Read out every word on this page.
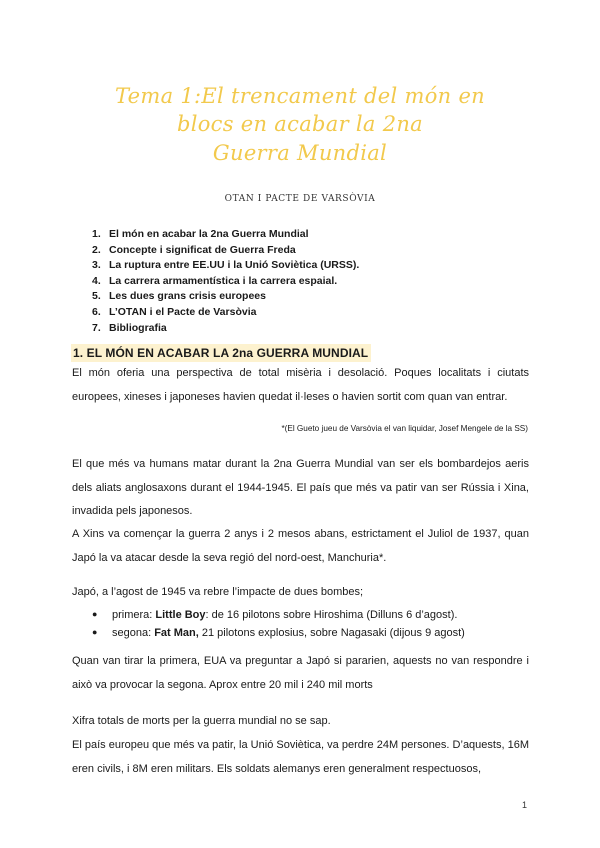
Tema 1:El trencament del món en
blocs en acabar la 2na
Guerra Mundial
OTAN I PACTE DE VARSÒVIA
1. El món en acabar la 2na Guerra Mundial
2. Concepte i significat de Guerra Freda
3. La ruptura entre EE.UU i la Unió Soviètica (URSS).
4. La carrera armamentística i la carrera espaial.
5. Les dues grans crisis europees
6. L’OTAN i el Pacte de Varsòvia
7. Bibliografia
1. EL MÓN EN ACABAR LA 2na GUERRA MUNDIAL

El món oferia una perspectiva de total misèria i desolació. Poques localitats i ciutats europees, xineses i japoneses havien quedat il·leses o havien sortit com quan van entrar.

*(El Gueto jueu de Varsòvia el van liquidar, Josef Mengele de la SS)

El que més va humans matar durant la 2na Guerra Mundial van ser els bombardejos aeris dels aliats anglosaxons durant el 1944-1945. El país que més va patir van ser Rússia i Xina, invadida pels japonesos.

A Xins va començar la guerra 2 anys i 2 mesos abans, estrictament el Juliol de 1937, quan Japó la va atacar desde la seva regió del nord-oest, Manchuria*.

Japó, a l’agost de 1945 va rebre l’impacte de dues bombes;

● primera: Little Boy: de 16 pilotons sobre Hiroshima (Dilluns 6 d’agost).
● segona: Fat Man, 21 pilotons explosius, sobre Nagasaki (dijous 9 agost)

Quan van tirar la primera, EUA va preguntar a Japó si pararien, aquests no van respondre i això va provocar la segona. Aprox entre 20 mil i 240 mil morts

Xifra totals de morts per la guerra mundial no se sap.

El país europeu que més va patir, la Unió Soviètica, va perdre 24M persones. D’aquests, 16M eren civils, i 8M eren militars. Els soldats alemanys eren generalment respectuosos,

1
